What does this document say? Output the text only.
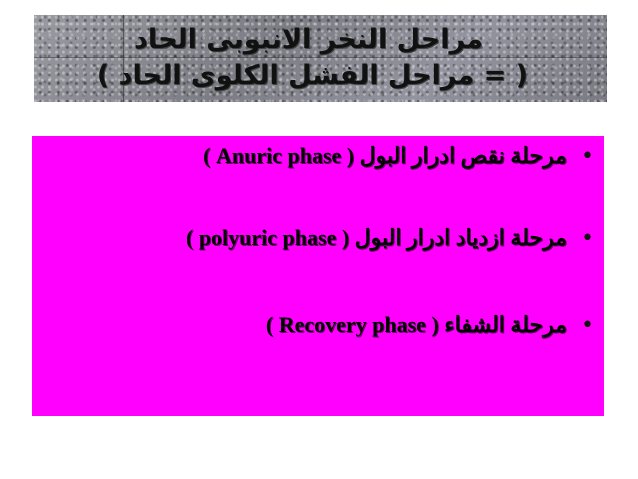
مراحل النخر الانبوبى الحاد
( = مراحل الفشل الكلوى الحاد )
•
مرحلة نقص ادرار البول ( Anuric phase )
•
مرحلة ازدياد ادرار البول ( polyuric phase )
•
مرحلة الشفاء ( Recovery phase )
